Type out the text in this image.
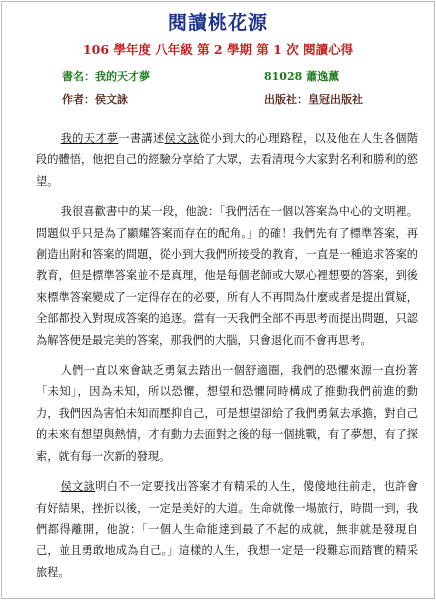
閱讀桃花源
106 學年度 八年級 第 2 學期 第 1 次 閱讀心得
書名：我的天才夢	81028 蕭逸薰
作者：侯文詠	出版社：皇冠出版社

我的天才夢一書講述侯文詠從小到大的心理路程，以及他在人生各個階段的體悟，他把自己的經驗分享給了大眾，去看清現今大家對名利和勝利的慾望。

我很喜歡書中的某一段，他說：「我們活在一個以答案為中心的文明裡。問題似乎只是為了顯耀答案而存在的配角。」的確！我們先有了標準答案，再創造出附和答案的問題，從小到大我們所接受的教育，一直是一種追求答案的教育，但是標準答案並不是真理，他是每個老師或大眾心裡想要的答案，到後來標準答案變成了一定得存在的必要，所有人不再問為什麼或者是提出質疑，全部都投入對現成答案的追逐。當有一天我們全部不再思考而提出問題，只認為解答便是最完美的答案，那我們的大腦，只會退化而不會再思考。

人們一直以來會缺乏勇氣去踏出一個舒適圈，我們的恐懼來源一直扮著「未知」，因為未知，所以恐懼，想望和恐懼同時構成了推動我們前進的動力，我們因為害怕未知而壓抑自己，可是想望卻給了我們勇氣去承擔，對自己的未來有想望與熱情，才有動力去面對之後的每一個挑戰，有了夢想，有了探索，就有每一次新的發現。

侯文詠明白不一定要找出答案才有精采的人生，傻傻地往前走，也許會有好結果，挫折以後，一定是美好的大道。生命就像一場旅行，時間一到，我們都得離開，他說：「一個人生命能達到最了不起的成就，無非就是發現自己，並且勇敢地成為自己。」這樣的人生，我想一定是一段難忘而踏實的精采旅程。
